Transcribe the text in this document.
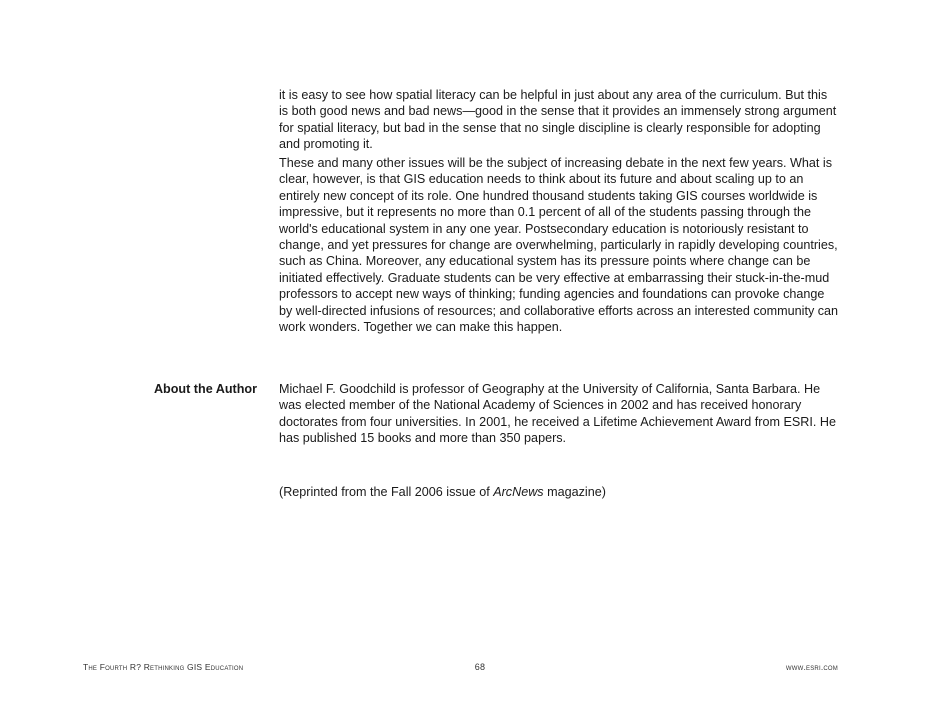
it is easy to see how spatial literacy can be helpful in just about any area of the curriculum. But this is both good news and bad news—good in the sense that it provides an immensely strong argument for spatial literacy, but bad in the sense that no single discipline is clearly responsible for adopting and promoting it.

These and many other issues will be the subject of increasing debate in the next few years. What is clear, however, is that GIS education needs to think about its future and about scaling up to an entirely new concept of its role. One hundred thousand students taking GIS courses worldwide is impressive, but it represents no more than 0.1 percent of all of the students passing through the world's educational system in any one year. Postsecondary education is notoriously resistant to change, and yet pressures for change are overwhelming, particularly in rapidly developing countries, such as China. Moreover, any educational system has its pressure points where change can be initiated effectively. Graduate students can be very effective at embarrassing their stuck-in-the-mud professors to accept new ways of thinking; funding agencies and foundations can provoke change by well-directed infusions of resources; and collaborative efforts across an interested community can work wonders. Together we can make this happen.

About the Author Michael F. Goodchild is professor of Geography at the University of California, Santa Barbara. He was elected member of the National Academy of Sciences in 2002 and has received honorary doctorates from four universities. In 2001, he received a Lifetime Achievement Award from ESRI. He has published 15 books and more than 350 papers.

(Reprinted from the Fall 2006 issue of ArcNews magazine)

The Fourth R? Rethinking GIS Education	68	www.esri.com
